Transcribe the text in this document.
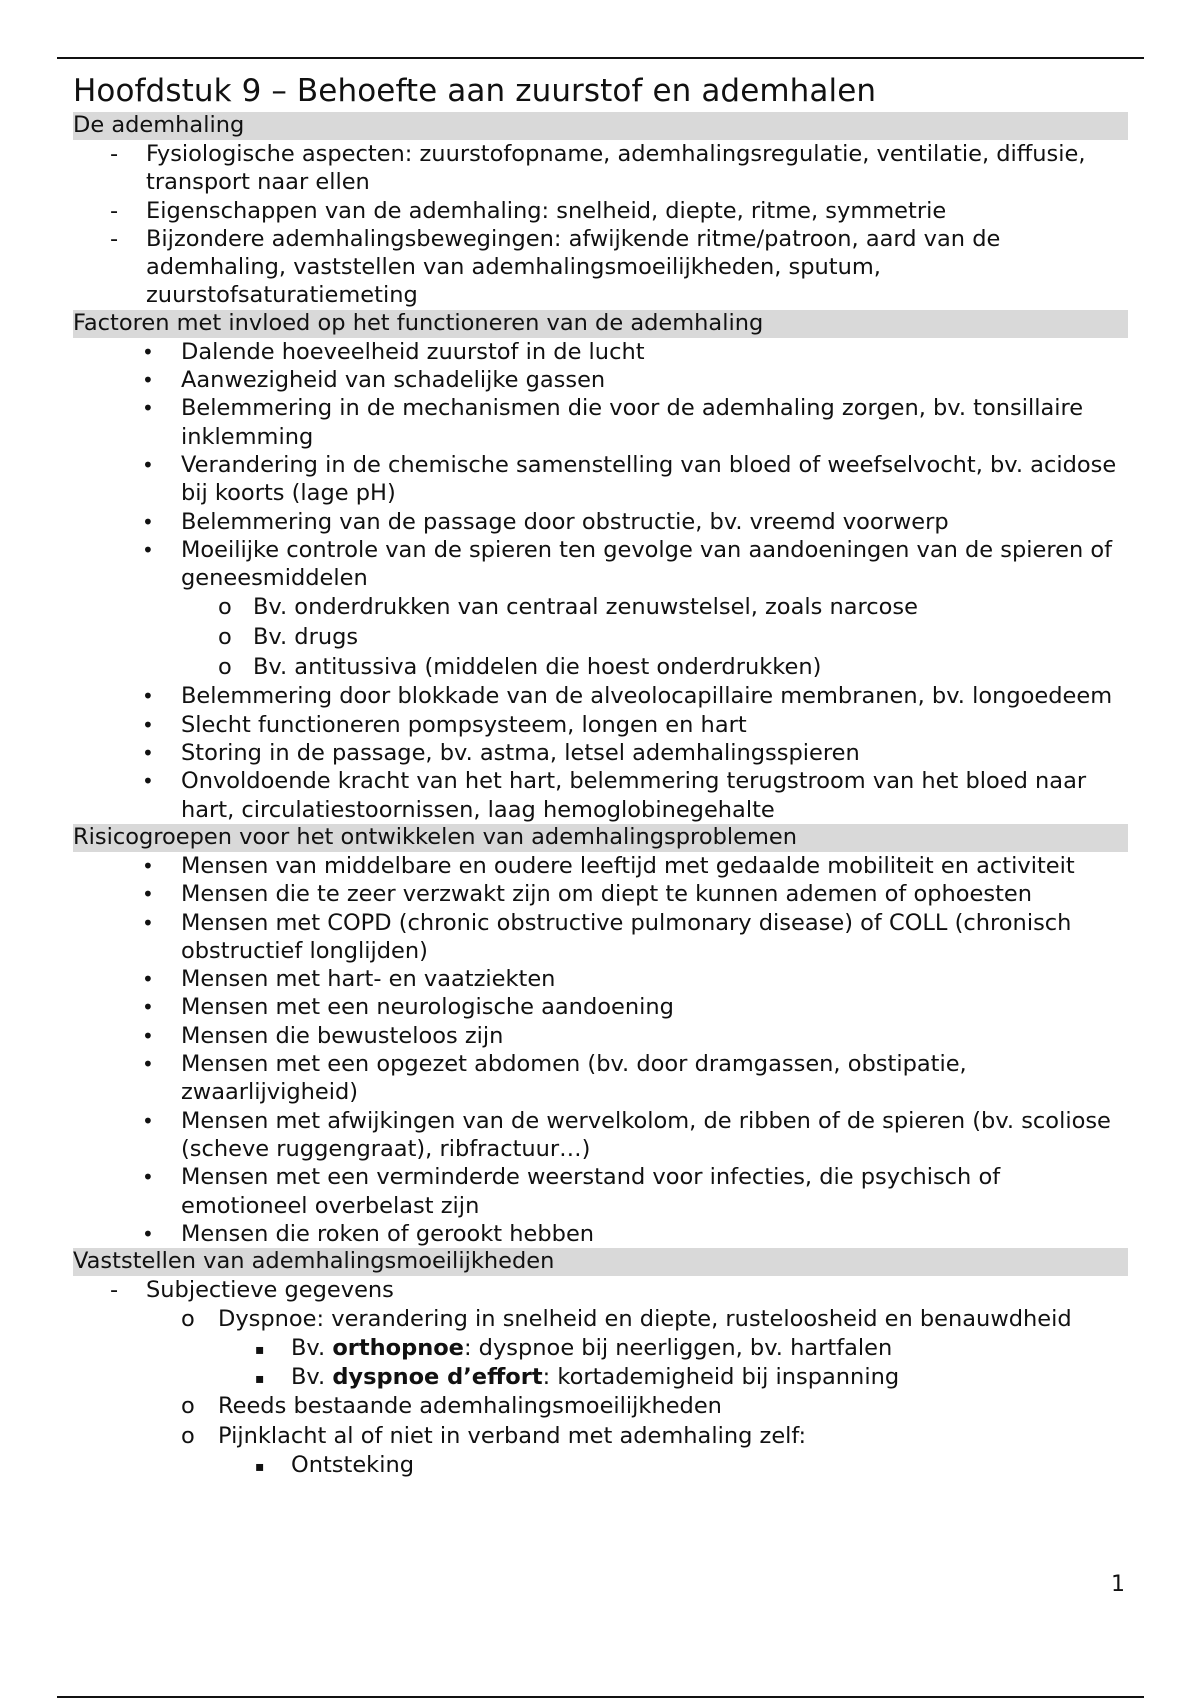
Hoofdstuk 9 – Behoefte aan zuurstof en ademhalen
De ademhaling
- Fysiologische aspecten: zuurstofopname, ademhalingsregulatie, ventilatie, diffusie, transport naar ellen
- Eigenschappen van de ademhaling: snelheid, diepte, ritme, symmetrie
- Bijzondere ademhalingsbewegingen: afwijkende ritme/patroon, aard van de ademhaling, vaststellen van ademhalingsmoeilijkheden, sputum, zuurstofsaturatiemeting
Factoren met invloed op het functioneren van de ademhaling
• Dalende hoeveelheid zuurstof in de lucht
• Aanwezigheid van schadelijke gassen
• Belemmering in de mechanismen die voor de ademhaling zorgen, bv. tonsillaire inklemming
• Verandering in de chemische samenstelling van bloed of weefselvocht, bv. acidose bij koorts (lage pH)
• Belemmering van de passage door obstructie, bv. vreemd voorwerp
• Moeilijke controle van de spieren ten gevolge van aandoeningen van de spieren of geneesmiddelen
o Bv. onderdrukken van centraal zenuwstelsel, zoals narcose
o Bv. drugs
o Bv. antitussiva (middelen die hoest onderdrukken)
• Belemmering door blokkade van de alveolocapillaire membranen, bv. longoedeem
• Slecht functioneren pompsysteem, longen en hart
• Storing in de passage, bv. astma, letsel ademhalingsspieren
• Onvoldoende kracht van het hart, belemmering terugstroom van het bloed naar hart, circulatiestoornissen, laag hemoglobinegehalte
Risicogroepen voor het ontwikkelen van ademhalingsproblemen
• Mensen van middelbare en oudere leeftijd met gedaalde mobiliteit en activiteit
• Mensen die te zeer verzwakt zijn om diept te kunnen ademen of ophoesten
• Mensen met COPD (chronic obstructive pulmonary disease) of COLL (chronisch obstructief longlijden)
• Mensen met hart- en vaatziekten
• Mensen met een neurologische aandoening
• Mensen die bewusteloos zijn
• Mensen met een opgezet abdomen (bv. door dramgassen, obstipatie, zwaarlijvigheid)
• Mensen met afwijkingen van de wervelkolom, de ribben of de spieren (bv. scoliose (scheve ruggengraat), ribfractuur…)
• Mensen met een verminderde weerstand voor infecties, die psychisch of emotioneel overbelast zijn
• Mensen die roken of gerookt hebben
Vaststellen van ademhalingsmoeilijkheden
- Subjectieve gegevens
o Dyspnoe: verandering in snelheid en diepte, rusteloosheid en benauwdheid
▪ Bv. orthopnoe: dyspnoe bij neerliggen, bv. hartfalen
▪ Bv. dyspnoe d’effort: kortademigheid bij inspanning
o Reeds bestaande ademhalingsmoeilijkheden
o Pijnklacht al of niet in verband met ademhaling zelf:
▪ Ontsteking
1
